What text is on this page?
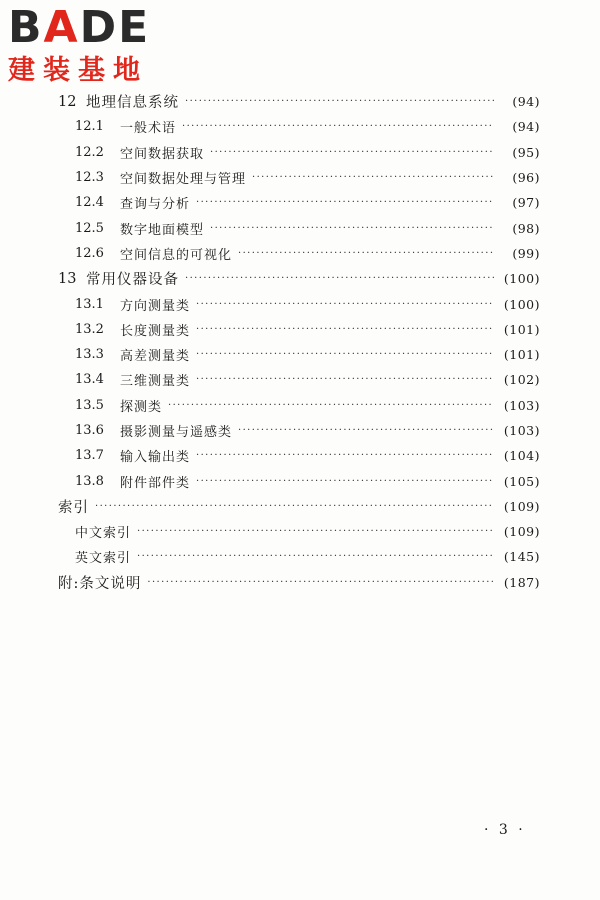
BADE
建装基地
12 地理信息系统 ·····	(94)
12.1	一般术语 ·····	(94)
12.2	空间数据获取 ·····	(95)
12.3	空间数据处理与管理 ·····	(96)
12.4	查询与分析 ·····	(97)
12.5	数字地面模型 ·····	(98)
12.6	空间信息的可视化 ·····	(99)
13 常用仪器设备 ·····	(100)
13.1	方向测量类 ·····	(100)
13.2	长度测量类 ·····	(101)
13.3	高差测量类 ·····	(101)
13.4	三维测量类 ·····	(102)
13.5	探测类 ·····	(103)
13.6	摄影测量与遥感类 ·····	(103)
13.7	输入输出类 ·····	(104)
13.8	附件部件类 ·····	(105)
索引 ·····	(109)
中文索引 ·····	(109)
英文索引 ·····	(145)
附:条文说明 ·····	(187)
· 3 ·
